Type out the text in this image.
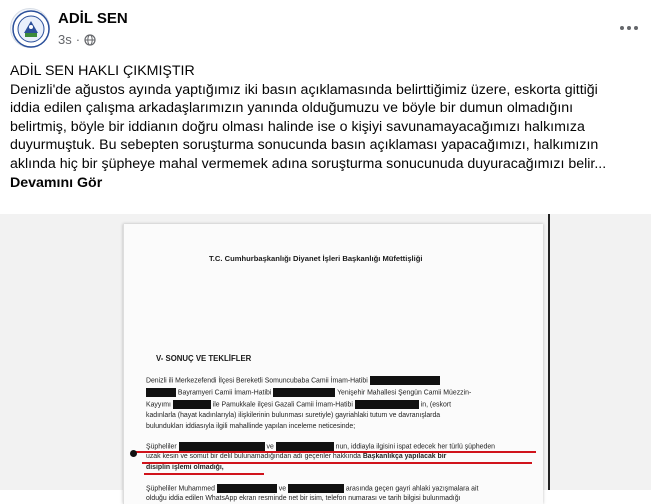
ADİL SEN
3s ·

ADİL SEN HAKLI ÇIKMIŞTIR

Denizli'de ağustos ayında yaptığımız iki basın açıklamasında belirttiğimiz üzere, eskorta gittiği

iddia edilen çalışma arkadaşlarımızın yanında olduğumuzu ve böyle bir dumun olmadığını

belirtmiş, böyle bir iddianın doğru olması halinde ise o kişiyi savunamayacağımızı halkımıza

duyurmuştuk. Bu sebepten soruşturma sonucunda basın açıklaması yapacağımızı, halkımızın

aklında hiç bir şüpheye mahal vermemek adına soruşturma sonucunuda duyuracağımızı belir...

Devamını Gör
T.C. Cumhurbaşkanlığı Diyanet İşleri Başkanlığı Müfettişliği
V- SONUÇ VE TEKLİFLER
Denizli ili Merkezefendi İlçesi Bereketli Somuncubaba Camii İmam-Hatibi
Bayramyeri Camii İmam-Hatibi	Yenişehir Mahallesi Şengün Camii Müezzin-
Kayyımı	ile Pamukkale ilçesi Gazali Camii İmam-Hatibi	in, (eskort
kadınlarla (hayat kadınlarıyla) ilişkilerinin bulunması suretiyle) gayriahlaki tutum ve davranışlarda
bulundukları iddiasıyla ilgili mahallinde yapılan inceleme neticesinde;
Şüpheliler	ve	nun, iddiayla ilgisini ispat edecek her türlü şüpheden
uzak kesin ve somut bir delil bulunamadığından adı geçenler hakkında Başkanlıkça yapılacak bir
disiplin işlemi olmadığı,
Şüpheliler Muhammed	ve	arasında geçen gayri ahlaki yazışmalara ait
olduğu iddia edilen WhatsApp ekran resminde net bir isim, telefon numarası ve tarih bilgisi bulunmadığı
